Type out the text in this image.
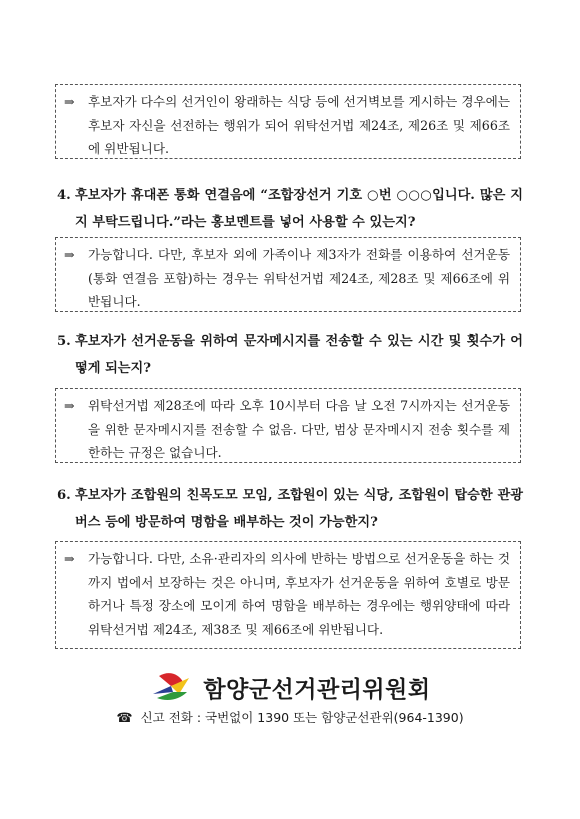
⇒	후보자가 다수의 선거인이 왕래하는 식당 등에 선거벽보를 게시하는 경우에는 후보자 자신을 선전하는 행위가 되어 위탁선거법 제24조, 제26조 및 제66조에 위반됩니다.
4. 후보자가 휴대폰 통화 연결음에 “조합장선거 기호 ○번 ○○○입니다. 많은 지지 부탁드립니다.”라는 홍보멘트를 넣어 사용할 수 있는지?
⇒	가능합니다. 다만, 후보자 외에 가족이나 제3자가 전화를 이용하여 선거운동(통화 연결음 포함)하는 경우는 위탁선거법 제24조, 제28조 및 제66조에 위반됩니다.
5. 후보자가 선거운동을 위하여 문자메시지를 전송할 수 있는 시간 및 횟수가 어떻게 되는지?
⇒	위탁선거법 제28조에 따라 오후 10시부터 다음 날 오전 7시까지는 선거운동을 위한 문자메시지를 전송할 수 없음. 다만, 범상 문자메시지 전송 횟수를 제한하는 규정은 없습니다.
6. 후보자가 조합원의 친목도모 모임, 조합원이 있는 식당, 조합원이 탑승한 관광버스 등에 방문하여 명함을 배부하는 것이 가능한지?
⇒	가능합니다. 다만, 소유·관리자의 의사에 반하는 방법으로 선거운동을 하는 것까지 법에서 보장하는 것은 아니며, 후보자가 선거운동을 위하여 호별로 방문하거나 특정 장소에 모이게 하여 명함을 배부하는 경우에는 행위양태에 따라 위탁선거법 제24조, 제38조 및 제66조에 위반됩니다.
함양군선거관리위원회
☎ 신고 전화 : 국번없이 1390 또는 함양군선관위(964-1390)
